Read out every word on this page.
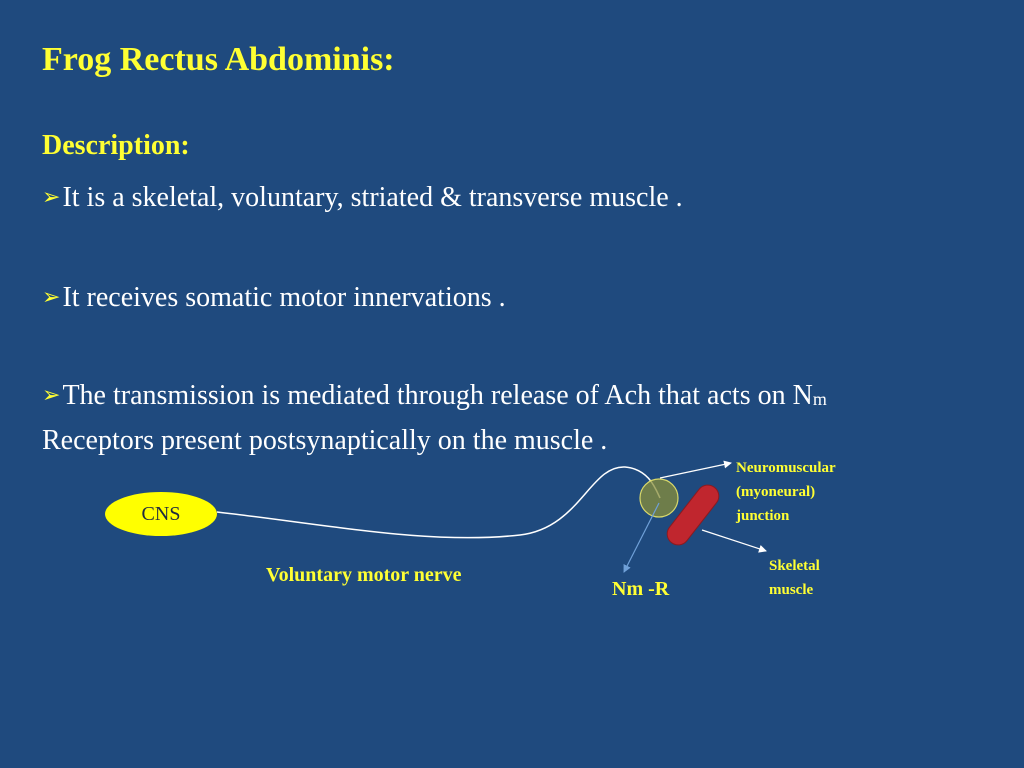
Frog Rectus Abdominis:
Description:
➢It is a skeletal, voluntary, striated & transverse muscle .
➢It receives somatic motor innervations .
➢The transmission is mediated through release of Ach that acts on Nm Receptors present postsynaptically on the muscle .
CNS
Voluntary motor nerve
Nm -R
Neuromuscular
(myoneural)
junction
Skeletal
muscle
